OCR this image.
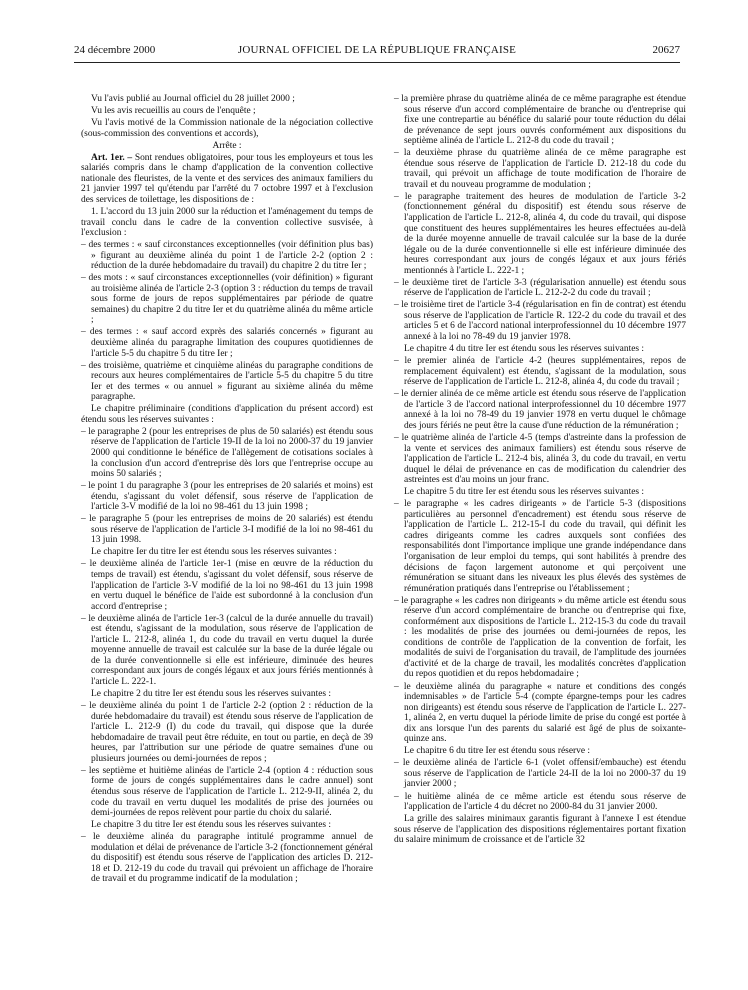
24 décembre 2000	JOURNAL OFFICIEL DE LA RÉPUBLIQUE FRANÇAISE	20627
Vu l'avis publié au Journal officiel du 28 juillet 2000 ;
Vu les avis recueillis au cours de l'enquête ;
Vu l'avis motivé de la Commission nationale de la négociation collective (sous-commission des conventions et accords),
Arrête :
Art. 1er. – Sont rendues obligatoires, pour tous les employeurs et tous les salariés compris dans le champ d'application de la convention collective nationale des fleuristes, de la vente et des services des animaux familiers du 21 janvier 1997 tel qu'étendu par l'arrêté du 7 octobre 1997 et à l'exclusion des services de toilettage, les dispositions de :
1. L'accord du 13 juin 2000 sur la réduction et l'aménagement du temps de travail conclu dans le cadre de la convention collective susvisée, à l'exclusion :
– des termes : « sauf circonstances exceptionnelles (voir définition plus bas) » figurant au deuxième alinéa du point 1 de l'article 2-2 (option 2 : réduction de la durée hebdomadaire du travail) du chapitre 2 du titre Ier ;
– des mots : « sauf circonstances exceptionnelles (voir définition) » figurant au troisième alinéa de l'article 2-3 (option 3 : réduction du temps de travail sous forme de jours de repos supplémentaires par période de quatre semaines) du chapitre 2 du titre Ier et du quatrième alinéa du même article ;
– des termes : « sauf accord exprès des salariés concernés » figurant au deuxième alinéa du paragraphe limitation des coupures quotidiennes de l'article 5-5 du chapitre 5 du titre Ier ;
– des troisième, quatrième et cinquième alinéas du paragraphe conditions de recours aux heures complémentaires de l'article 5-5 du chapitre 5 du titre Ier et des termes « ou annuel » figurant au sixième alinéa du même paragraphe.
Le chapitre préliminaire (conditions d'application du présent accord) est étendu sous les réserves suivantes :
– le paragraphe 2 (pour les entreprises de plus de 50 salariés) est étendu sous réserve de l'application de l'article 19-II de la loi no 2000-37 du 19 janvier 2000 qui conditionne le bénéfice de l'allègement de cotisations sociales à la conclusion d'un accord d'entreprise dès lors que l'entreprise occupe au moins 50 salariés ;
– le point 1 du paragraphe 3 (pour les entreprises de 20 salariés et moins) est étendu, s'agissant du volet défensif, sous réserve de l'application de l'article 3-V modifié de la loi no 98-461 du 13 juin 1998 ;
– le paragraphe 5 (pour les entreprises de moins de 20 salariés) est étendu sous réserve de l'application de l'article 3-I modifié de la loi no 98-461 du 13 juin 1998.
Le chapitre Ier du titre Ier est étendu sous les réserves suivantes :
– le deuxième alinéa de l'article 1er-1 (mise en œuvre de la réduction du temps de travail) est étendu, s'agissant du volet défensif, sous réserve de l'application de l'article 3-V modifié de la loi no 98-461 du 13 juin 1998 en vertu duquel le bénéfice de l'aide est subordonné à la conclusion d'un accord d'entreprise ;
– le deuxième alinéa de l'article 1er-3 (calcul de la durée annuelle du travail) est étendu, s'agissant de la modulation, sous réserve de l'application de l'article L. 212-8, alinéa 1, du code du travail en vertu duquel la durée moyenne annuelle de travail est calculée sur la base de la durée légale ou de la durée conventionnelle si elle est inférieure, diminuée des heures correspondant aux jours de congés légaux et aux jours fériés mentionnés à l'article L. 222-1.
Le chapitre 2 du titre Ier est étendu sous les réserves suivantes :
– le deuxième alinéa du point 1 de l'article 2-2 (option 2 : réduction de la durée hebdomadaire du travail) est étendu sous réserve de l'application de l'article L. 212-9 (I) du code du travail, qui dispose que la durée hebdomadaire de travail peut être réduite, en tout ou partie, en deçà de 39 heures, par l'attribution sur une période de quatre semaines d'une ou plusieurs journées ou demi-journées de repos ;
– les septième et huitième alinéas de l'article 2-4 (option 4 : réduction sous forme de jours de congés supplémentaires dans le cadre annuel) sont étendus sous réserve de l'application de l'article L. 212-9-II, alinéa 2, du code du travail en vertu duquel les modalités de prise des journées ou demi-journées de repos relèvent pour partie du choix du salarié.
Le chapitre 3 du titre Ier est étendu sous les réserves suivantes :
– le deuxième alinéa du paragraphe intitulé programme annuel de modulation et délai de prévenance de l'article 3-2 (fonctionnement général du dispositif) est étendu sous réserve de l'application des articles D. 212-18 et D. 212-19 du code du travail qui prévoient un affichage de l'horaire de travail et du programme indicatif de la modulation ;
– la première phrase du quatrième alinéa de ce même paragraphe est étendue sous réserve d'un accord complémentaire de branche ou d'entreprise qui fixe une contrepartie au bénéfice du salarié pour toute réduction du délai de prévenance de sept jours ouvrés conformément aux dispositions du septième alinéa de l'article L. 212-8 du code du travail ;
– la deuxième phrase du quatrième alinéa de ce même paragraphe est étendue sous réserve de l'application de l'article D. 212-18 du code du travail, qui prévoit un affichage de toute modification de l'horaire de travail et du nouveau programme de modulation ;
– le paragraphe traitement des heures de modulation de l'article 3-2 (fonctionnement général du dispositif) est étendu sous réserve de l'application de l'article L. 212-8, alinéa 4, du code du travail, qui dispose que constituent des heures supplémentaires les heures effectuées au-delà de la durée moyenne annuelle de travail calculée sur la base de la durée légale ou de la durée conventionnelle si elle est inférieure diminuée des heures correspondant aux jours de congés légaux et aux jours fériés mentionnés à l'article L. 222-1 ;
– le deuxième tiret de l'article 3-3 (régularisation annuelle) est étendu sous réserve de l'application de l'article L. 212-2-2 du code du travail ;
– le troisième tiret de l'article 3-4 (régularisation en fin de contrat) est étendu sous réserve de l'application de l'article R. 122-2 du code du travail et des articles 5 et 6 de l'accord national interprofessionnel du 10 décembre 1977 annexé à la loi no 78-49 du 19 janvier 1978.
Le chapitre 4 du titre Ier est étendu sous les réserves suivantes :
– le premier alinéa de l'article 4-2 (heures supplémentaires, repos de remplacement équivalent) est étendu, s'agissant de la modulation, sous réserve de l'application de l'article L. 212-8, alinéa 4, du code du travail ;
– le dernier alinéa de ce même article est étendu sous réserve de l'application de l'article 3 de l'accord national interprofessionnel du 10 décembre 1977 annexé à la loi no 78-49 du 19 janvier 1978 en vertu duquel le chômage des jours fériés ne peut être la cause d'une réduction de la rémunération ;
– le quatrième alinéa de l'article 4-5 (temps d'astreinte dans la profession de la vente et services des animaux familiers) est étendu sous réserve de l'application de l'article L. 212-4 bis, alinéa 3, du code du travail, en vertu duquel le délai de prévenance en cas de modification du calendrier des astreintes est d'au moins un jour franc.
Le chapitre 5 du titre Ier est étendu sous les réserves suivantes :
– le paragraphe « les cadres dirigeants » de l'article 5-3 (dispositions particulières au personnel d'encadrement) est étendu sous réserve de l'application de l'article L. 212-15-I du code du travail, qui définit les cadres dirigeants comme les cadres auxquels sont confiées des responsabilités dont l'importance implique une grande indépendance dans l'organisation de leur emploi du temps, qui sont habilités à prendre des décisions de façon largement autonome et qui perçoivent une rémunération se situant dans les niveaux les plus élevés des systèmes de rémunération pratiqués dans l'entreprise ou l'établissement ;
– le paragraphe « les cadres non dirigeants » du même article est étendu sous réserve d'un accord complémentaire de branche ou d'entreprise qui fixe, conformément aux dispositions de l'article L. 212-15-3 du code du travail : les modalités de prise des journées ou demi-journées de repos, les conditions de contrôle de l'application de la convention de forfait, les modalités de suivi de l'organisation du travail, de l'amplitude des journées d'activité et de la charge de travail, les modalités concrètes d'application du repos quotidien et du repos hebdomadaire ;
– le deuxième alinéa du paragraphe « nature et conditions des congés indemnisables » de l'article 5-4 (compte épargne-temps pour les cadres non dirigeants) est étendu sous réserve de l'application de l'article L. 227-1, alinéa 2, en vertu duquel la période limite de prise du congé est portée à dix ans lorsque l'un des parents du salarié est âgé de plus de soixante-quinze ans.
Le chapitre 6 du titre Ier est étendu sous réserve :
– le deuxième alinéa de l'article 6-1 (volet offensif/embauche) est étendu sous réserve de l'application de l'article 24-II de la loi no 2000-37 du 19 janvier 2000 ;
– le huitième alinéa de ce même article est étendu sous réserve de l'application de l'article 4 du décret no 2000-84 du 31 janvier 2000.
La grille des salaires minimaux garantis figurant à l'annexe I est étendue sous réserve de l'application des dispositions réglementaires portant fixation du salaire minimum de croissance et de l'article 32
